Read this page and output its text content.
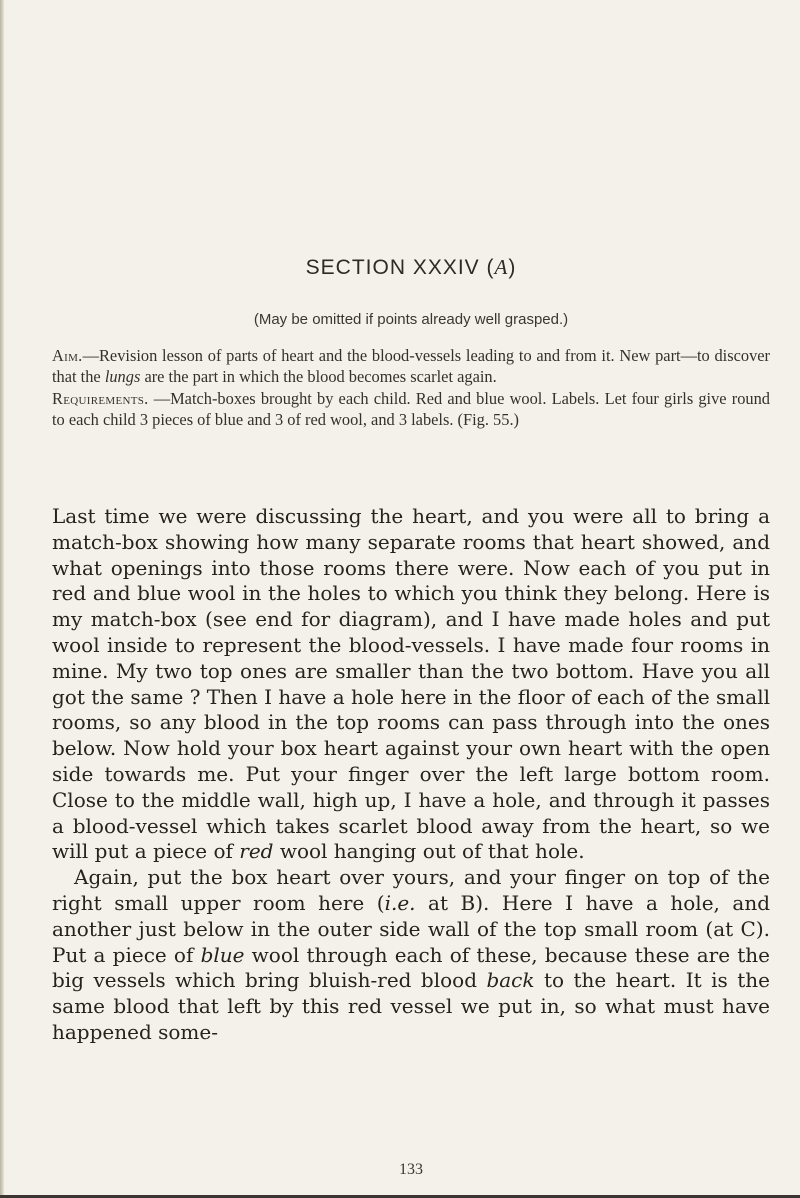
SECTION XXXIV (A)
(May be omitted if points already well grasped.)

Aim.—Revision lesson of parts of heart and the blood-vessels leading to and from it. New part—to discover that the lungs are the part in which the blood becomes scarlet again.

Requirements. —Match-boxes brought by each child. Red and blue wool. Labels. Let four girls give round to each child 3 pieces of blue and 3 of red wool, and 3 labels. (Fig. 55.)

Last time we were discussing the heart, and you were all to bring a match-box showing how many separate rooms that heart showed, and what openings into those rooms there were. Now each of you put in red and blue wool in the holes to which you think they belong. Here is my match-box (see end for diagram), and I have made holes and put wool inside to represent the blood-vessels. I have made four rooms in mine. My two top ones are smaller than the two bottom. Have you all got the same ? Then I have a hole here in the floor of each of the small rooms, so any blood in the top rooms can pass through into the ones below. Now hold your box heart against your own heart with the open side towards me. Put your finger over the left large bottom room. Close to the middle wall, high up, I have a hole, and through it passes a blood-vessel which takes scarlet blood away from the heart, so we will put a piece of red wool hanging out of that hole.

Again, put the box heart over yours, and your finger on top of the right small upper room here (i.e. at B). Here I have a hole, and another just below in the outer side wall of the top small room (at C). Put a piece of blue wool through each of these, because these are the big vessels which bring bluish-red blood back to the heart. It is the same blood that left by this red vessel we put in, so what must have happened some-

133
